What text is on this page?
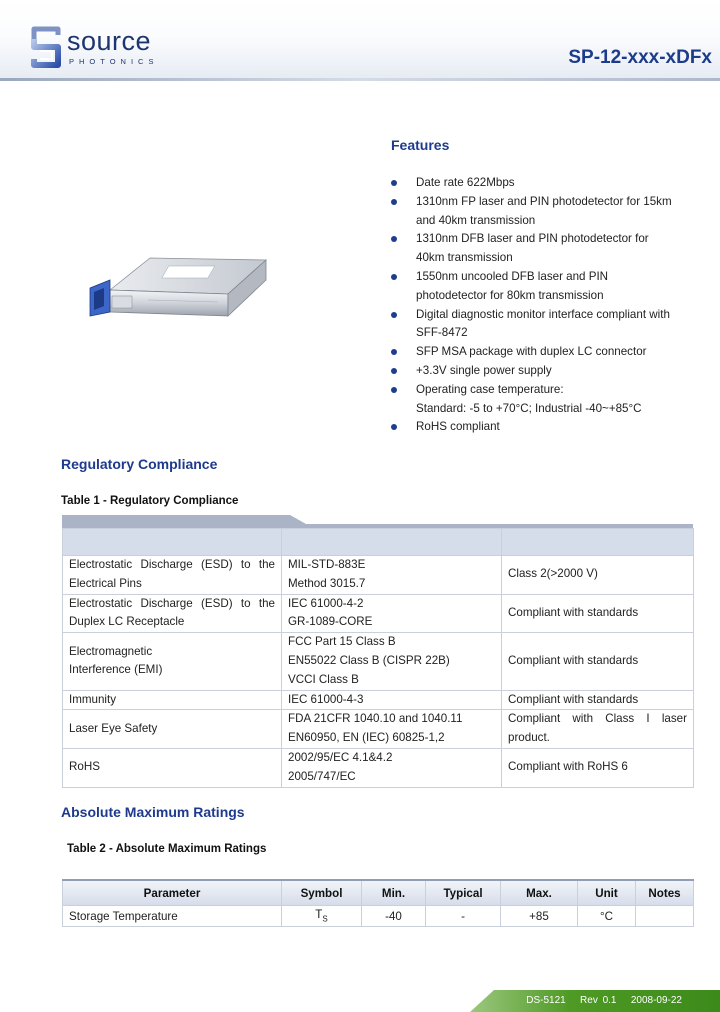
source
PHOTONICS	SP-12-xxx-xDFx
Features
Date rate 622Mbps
1310nm FP laser and PIN photodetector for 15km
and 40km transmission
1310nm DFB laser and PIN photodetector for
40km transmission
1550nm uncooled DFB laser and PIN
photodetector for 80km transmission
Digital diagnostic monitor interface compliant with
SFF-8472
SFP MSA package with duplex LC connector
+3.3V single power supply
Operating case temperature:
Standard: -5 to +70°C; Industrial -40~+85°C
RoHS compliant
Regulatory Compliance
Table 1 - Regulatory Compliance

Electrostatic Discharge (ESD) to the Electrical Pins	MIL-STD-883E
Method 3015.7	Class 2(>2000 V)
Electrostatic Discharge (ESD) to the Duplex LC Receptacle	IEC 61000-4-2
GR-1089-CORE	Compliant with standards
Electromagnetic Interference (EMI)	FCC Part 15 Class B
EN55022 Class B (CISPR 22B)
VCCI Class B	Compliant with standards
Immunity	IEC 61000-4-3	Compliant with standards
Laser Eye Safety	FDA 21CFR 1040.10 and 1040.11
EN60950, EN (IEC) 60825-1,2	Compliant with Class I laser product.
RoHS	2002/95/EC 4.1&4.2
2005/747/EC	Compliant with RoHS 6
Absolute Maximum Ratings
Table 2 - Absolute Maximum Ratings
Parameter	Symbol	Min.	Typical	Max.	Unit	Notes
Storage Temperature	$T_S$	-40	-	+85	°C	
DS-5121 Rev 0.1 2008-09-22
